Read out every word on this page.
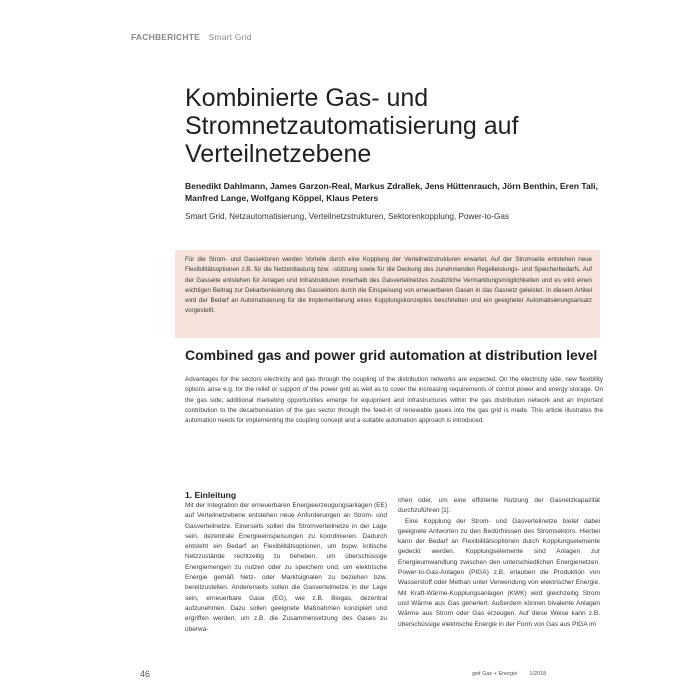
FACHBERICHTE Smart Grid
Kombinierte Gas- und Stromnetzautomatisierung auf Verteilnetzebene
Benedikt Dahlmann, James Garzon-Real, Markus Zdrallek, Jens Hüttenrauch, Jörn Benthin, Eren Tali, Manfred Lange, Wolfgang Köppel, Klaus Peters
Smart Grid, Netzautomatisierung, Verteilnetzstrukturen, Sektorenkopplung, Power-to-Gas

Für die Strom- und Gassektoren werden Vorteile durch eine Kopplung der Verteilnetzstrukturen erwartet. Auf der Stromseite entstehen neue Flexibilitätsoptionen z.B. für die Netzentlastung bzw. -stützung sowie für die Deckung des zunehmenden Regelleistungs- und Speicherbedarfs. Auf der Gasseite entstehen für Anlagen und Infrastrukturen innerhalb des Gasverteilnetzes zusätzliche Vermarktungsmöglichkeiten und es wird einen wichtigen Beitrag zur Dekarbonisierung des Gassektors durch die Einspeisung von erneuerbaren Gasen in das Gasnetz geleistet. In diesem Artikel wird der Bedarf an Automatisierung für die Implementierung eines Kopplungskonzeptes beschrieben und ein geeigneter Automatisierungsansatz vorgestellt.

Combined gas and power grid automation at distribution level

Advantages for the sectors electricity and gas through the coupling of the distribution networks are expected. On the electricity side, new flexibility options arise e.g. for the relief or support of the power grid as well as to cover the increasing requirements of control power and energy storage. On the gas side, additional marketing opportunities emerge for equipment and infrastructures within the gas distribution network and an important contribution to the decarbonisation of the gas sector through the feed-in of renewable gases into the gas grid is made. This article illustrates the automation needs for implementing the coupling concept and a suitable automation approach is introduced.

1. Einleitung

Mit der Integration der erneuerbaren Energieerzeugungsanlagen (EE) auf Verteilnetzebene entstehen neue Anforderungen an Strom- und Gasverteilnetze. Einerseits sollen die Stromverteilnetze in der Lage sein, dezentrale Energieeinspeisungen zu koordinieren. Dadurch entsteht ein Bedarf an Flexibilitätsoptionen, um bspw. kritische Netzzustände rechtzeitig zu beheben, um überschüssige Energiemengen zu nutzen oder zu speichern und, um elektrische Energie gemäß Netz- oder Marktsignalen zu beziehen bzw. bereitzustellen. Andererseits sollen die Gasverteilnetze in der Lage sein, erneuerbare Gase (EG), wie z.B. Biogas, dezentral aufzunehmen. Dazu sollen geeignete Maßnahmen konzipiert und ergriffen werden, um z.B. die Zusammensetzung des Gases zu überwa-

chen oder, um eine effiziente Nutzung der Gasnetzkapazität durchzuführen [1].

Eine Kopplung der Strom- und Gasverteilnetze bietet dabei geeignete Antworten zu den Bedürfnissen des Stromsektors. Hierbei kann der Bedarf an Flexibilitätsoptionen durch Kopplungselemente gedeckt werden. Kopplungselemente sind Anlagen zur Energieumwandlung zwischen den unterschiedlichen Energienetzen. Power-to-Gas-Anlagen (PtGA) z.B. erlauben die Produktion von Wasserstoff oder Methan unter Verwendung von elektrischer Energie. Mit Kraft-Wärme-Kopplungsanlagen (KWK) wird gleichzeitig Strom und Wärme aus Gas generiert. Außerdem können bivalente Anlagen Wärme aus Strom oder Gas erzeugen. Auf diese Weise kann z.B. überschüssige elektrische Energie in der Form von Gas aus PtGA im

46	gwf Gas + Energie 1/2018
